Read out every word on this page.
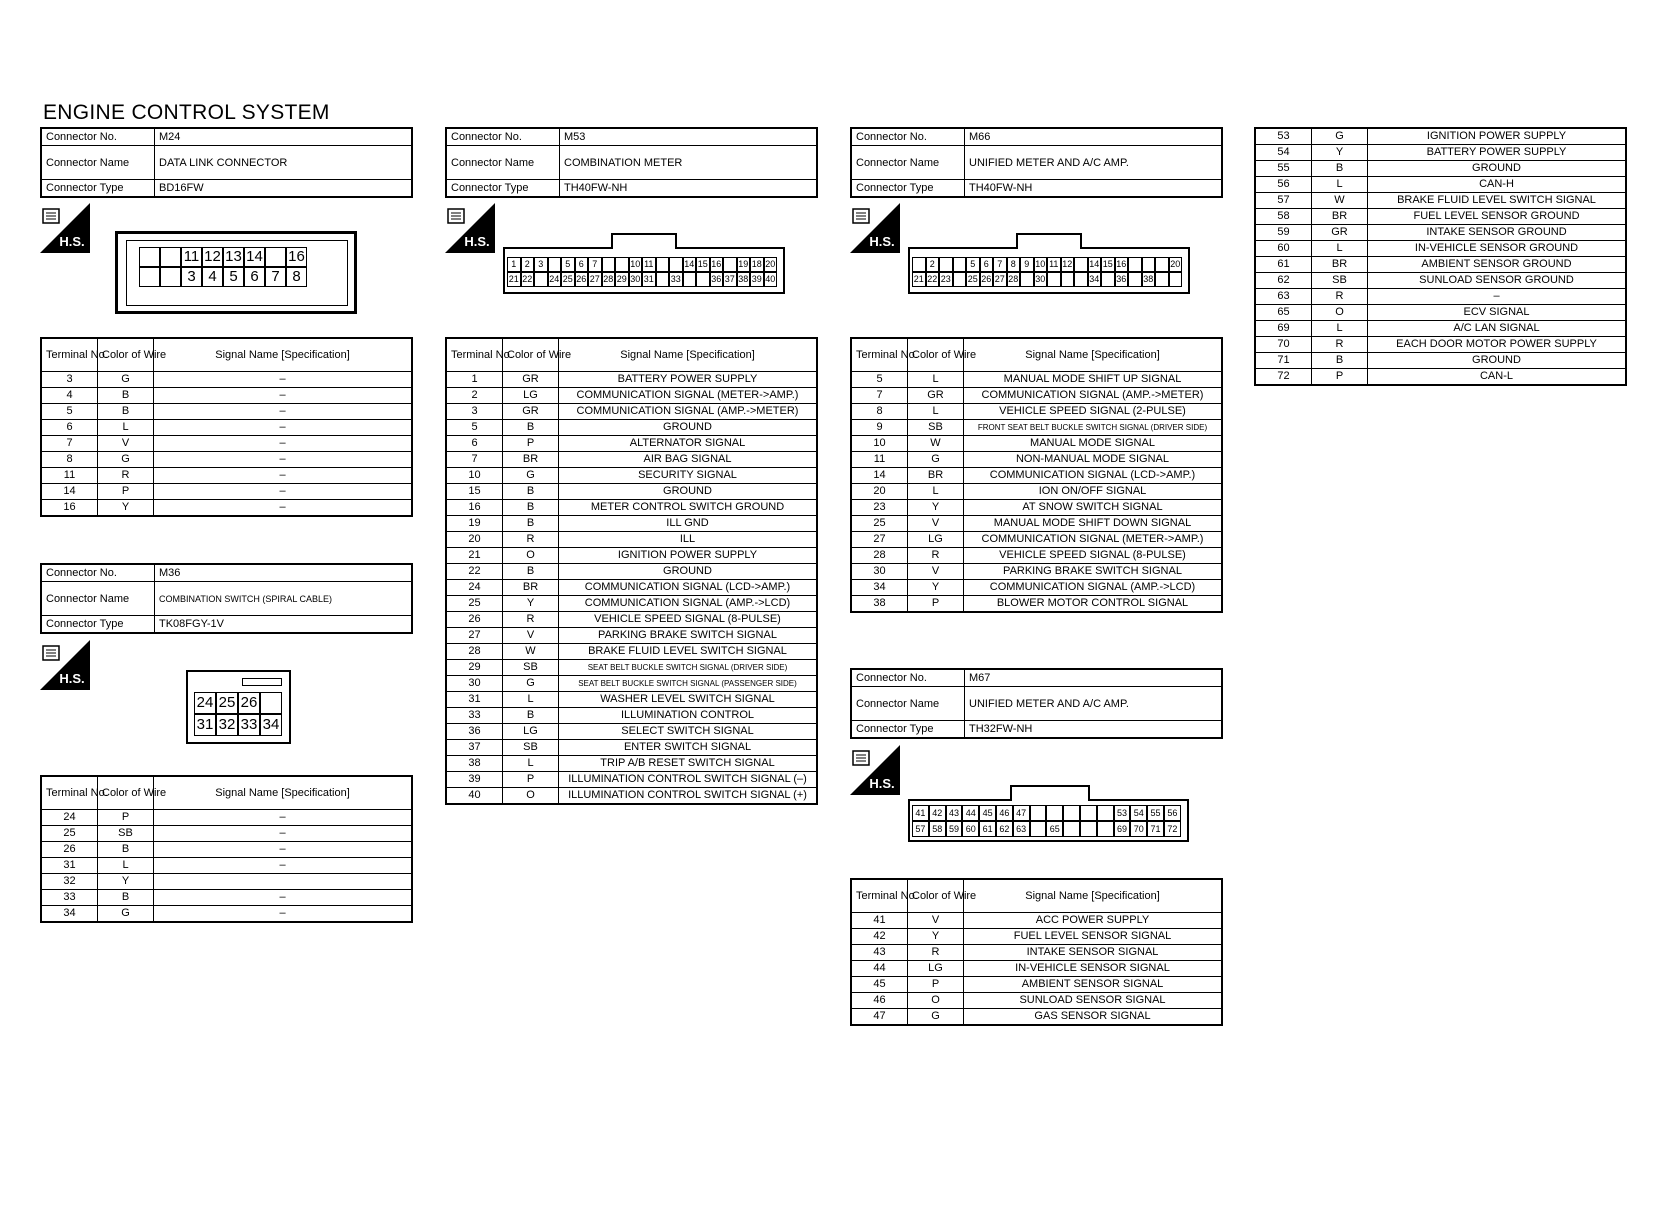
ENGINE CONTROL SYSTEM
Connector No.	M24
Connector Name	DATA LINK CONNECTOR
Connector Type	BD16FW
H.S.
11 12 13 14 16
3 4 5 6 7 8
Terminal No.	Color of Wire	Signal Name [Specification]
3	G	–
4	B	–
5	B	–
6	L	–
7	V	–
8	G	–
11	R	–
14	P	–
16	Y	–
Connector No.	M36
Connector Name	COMBINATION SWITCH (SPIRAL CABLE)
Connector Type	TK08FGY-1V
H.S.
24 25 26
31 32 33 34
Terminal No.	Color of Wire	Signal Name [Specification]
24	P	–
25	SB	–
26	B	–
31	L	–
32	Y	
33	B	–
34	G	–
Connector No.	M53
Connector Name	COMBINATION METER
Connector Type	TH40FW-NH
H.S.
1 2 3	5 6 7	10 11	14 15 16 19 18 20
21 22 24 25 26 27 28 29 30 31 33	36 37 38 39 40
Terminal No.	Color of Wire	Signal Name [Specification]
1	GR	BATTERY POWER SUPPLY
2	LG	COMMUNICATION SIGNAL (METER->AMP.)
3	GR	COMMUNICATION SIGNAL (AMP.->METER)
5	B	GROUND
6	P	ALTERNATOR SIGNAL
7	BR	AIR BAG SIGNAL
10	G	SECURITY SIGNAL
15	B	GROUND
16	B	METER CONTROL SWITCH GROUND
19	B	ILL GND
20	R	ILL
21	O	IGNITION POWER SUPPLY
22	B	GROUND
24	BR	COMMUNICATION SIGNAL (LCD->AMP.)
25	Y	COMMUNICATION SIGNAL (AMP.->LCD)
26	R	VEHICLE SPEED SIGNAL (8-PULSE)
27	V	PARKING BRAKE SWITCH SIGNAL
28	W	BRAKE FLUID LEVEL SWITCH SIGNAL
29	SB	SEAT BELT BUCKLE SWITCH SIGNAL (DRIVER SIDE)
30	G	SEAT BELT BUCKLE SWITCH SIGNAL (PASSENGER SIDE)
31	L	WASHER LEVEL SWITCH SIGNAL
33	B	ILLUMINATION CONTROL
36	LG	SELECT SWITCH SIGNAL
37	SB	ENTER SWITCH SIGNAL
38	L	TRIP A/B RESET SWITCH SIGNAL
39	P	ILLUMINATION CONTROL SWITCH SIGNAL (–)
40	O	ILLUMINATION CONTROL SWITCH SIGNAL (+)
Connector No.	M66
Connector Name	UNIFIED METER AND A/C AMP.
Connector Type	TH40FW-NH
H.S.
2	5 6 7 8 9 10 11 12 14 15 16	20
21 22 23 25 26 27 28 30	34 36 38
Terminal No.	Color of Wire	Signal Name [Specification]
5	L	MANUAL MODE SHIFT UP SIGNAL
7	GR	COMMUNICATION SIGNAL (AMP.->METER)
8	L	VEHICLE SPEED SIGNAL (2-PULSE)
9	SB	FRONT SEAT BELT BUCKLE SWITCH SIGNAL (DRIVER SIDE)
10	W	MANUAL MODE SIGNAL
11	G	NON-MANUAL MODE SIGNAL
14	BR	COMMUNICATION SIGNAL (LCD->AMP.)
20	L	ION ON/OFF SIGNAL
23	Y	AT SNOW SWITCH SIGNAL
25	V	MANUAL MODE SHIFT DOWN SIGNAL
27	LG	COMMUNICATION SIGNAL (METER->AMP.)
28	R	VEHICLE SPEED SIGNAL (8-PULSE)
30	V	PARKING BRAKE SWITCH SIGNAL
34	Y	COMMUNICATION SIGNAL (AMP.->LCD)
38	P	BLOWER MOTOR CONTROL SIGNAL
Connector No.	M67
Connector Name	UNIFIED METER AND A/C AMP.
Connector Type	TH32FW-NH
H.S.
41 42 43 44 45 46 47	53 54 55 56
57 58 59 60 61 62 63	65	69 70 71 72
Terminal No.	Color of Wire	Signal Name [Specification]
41	V	ACC POWER SUPPLY
42	Y	FUEL LEVEL SENSOR SIGNAL
43	R	INTAKE SENSOR SIGNAL
44	LG	IN-VEHICLE SENSOR SIGNAL
45	P	AMBIENT SENSOR SIGNAL
46	O	SUNLOAD SENSOR SIGNAL
47	G	GAS SENSOR SIGNAL
53	G	IGNITION POWER SUPPLY
54	Y	BATTERY POWER SUPPLY
55	B	GROUND
56	L	CAN-H
57	W	BRAKE FLUID LEVEL SWITCH SIGNAL
58	BR	FUEL LEVEL SENSOR GROUND
59	GR	INTAKE SENSOR GROUND
60	L	IN-VEHICLE SENSOR GROUND
61	BR	AMBIENT SENSOR GROUND
62	SB	SUNLOAD SENSOR GROUND
63	R	–
65	O	ECV SIGNAL
69	L	A/C LAN SIGNAL
70	R	EACH DOOR MOTOR POWER SUPPLY
71	B	GROUND
72	P	CAN-L
